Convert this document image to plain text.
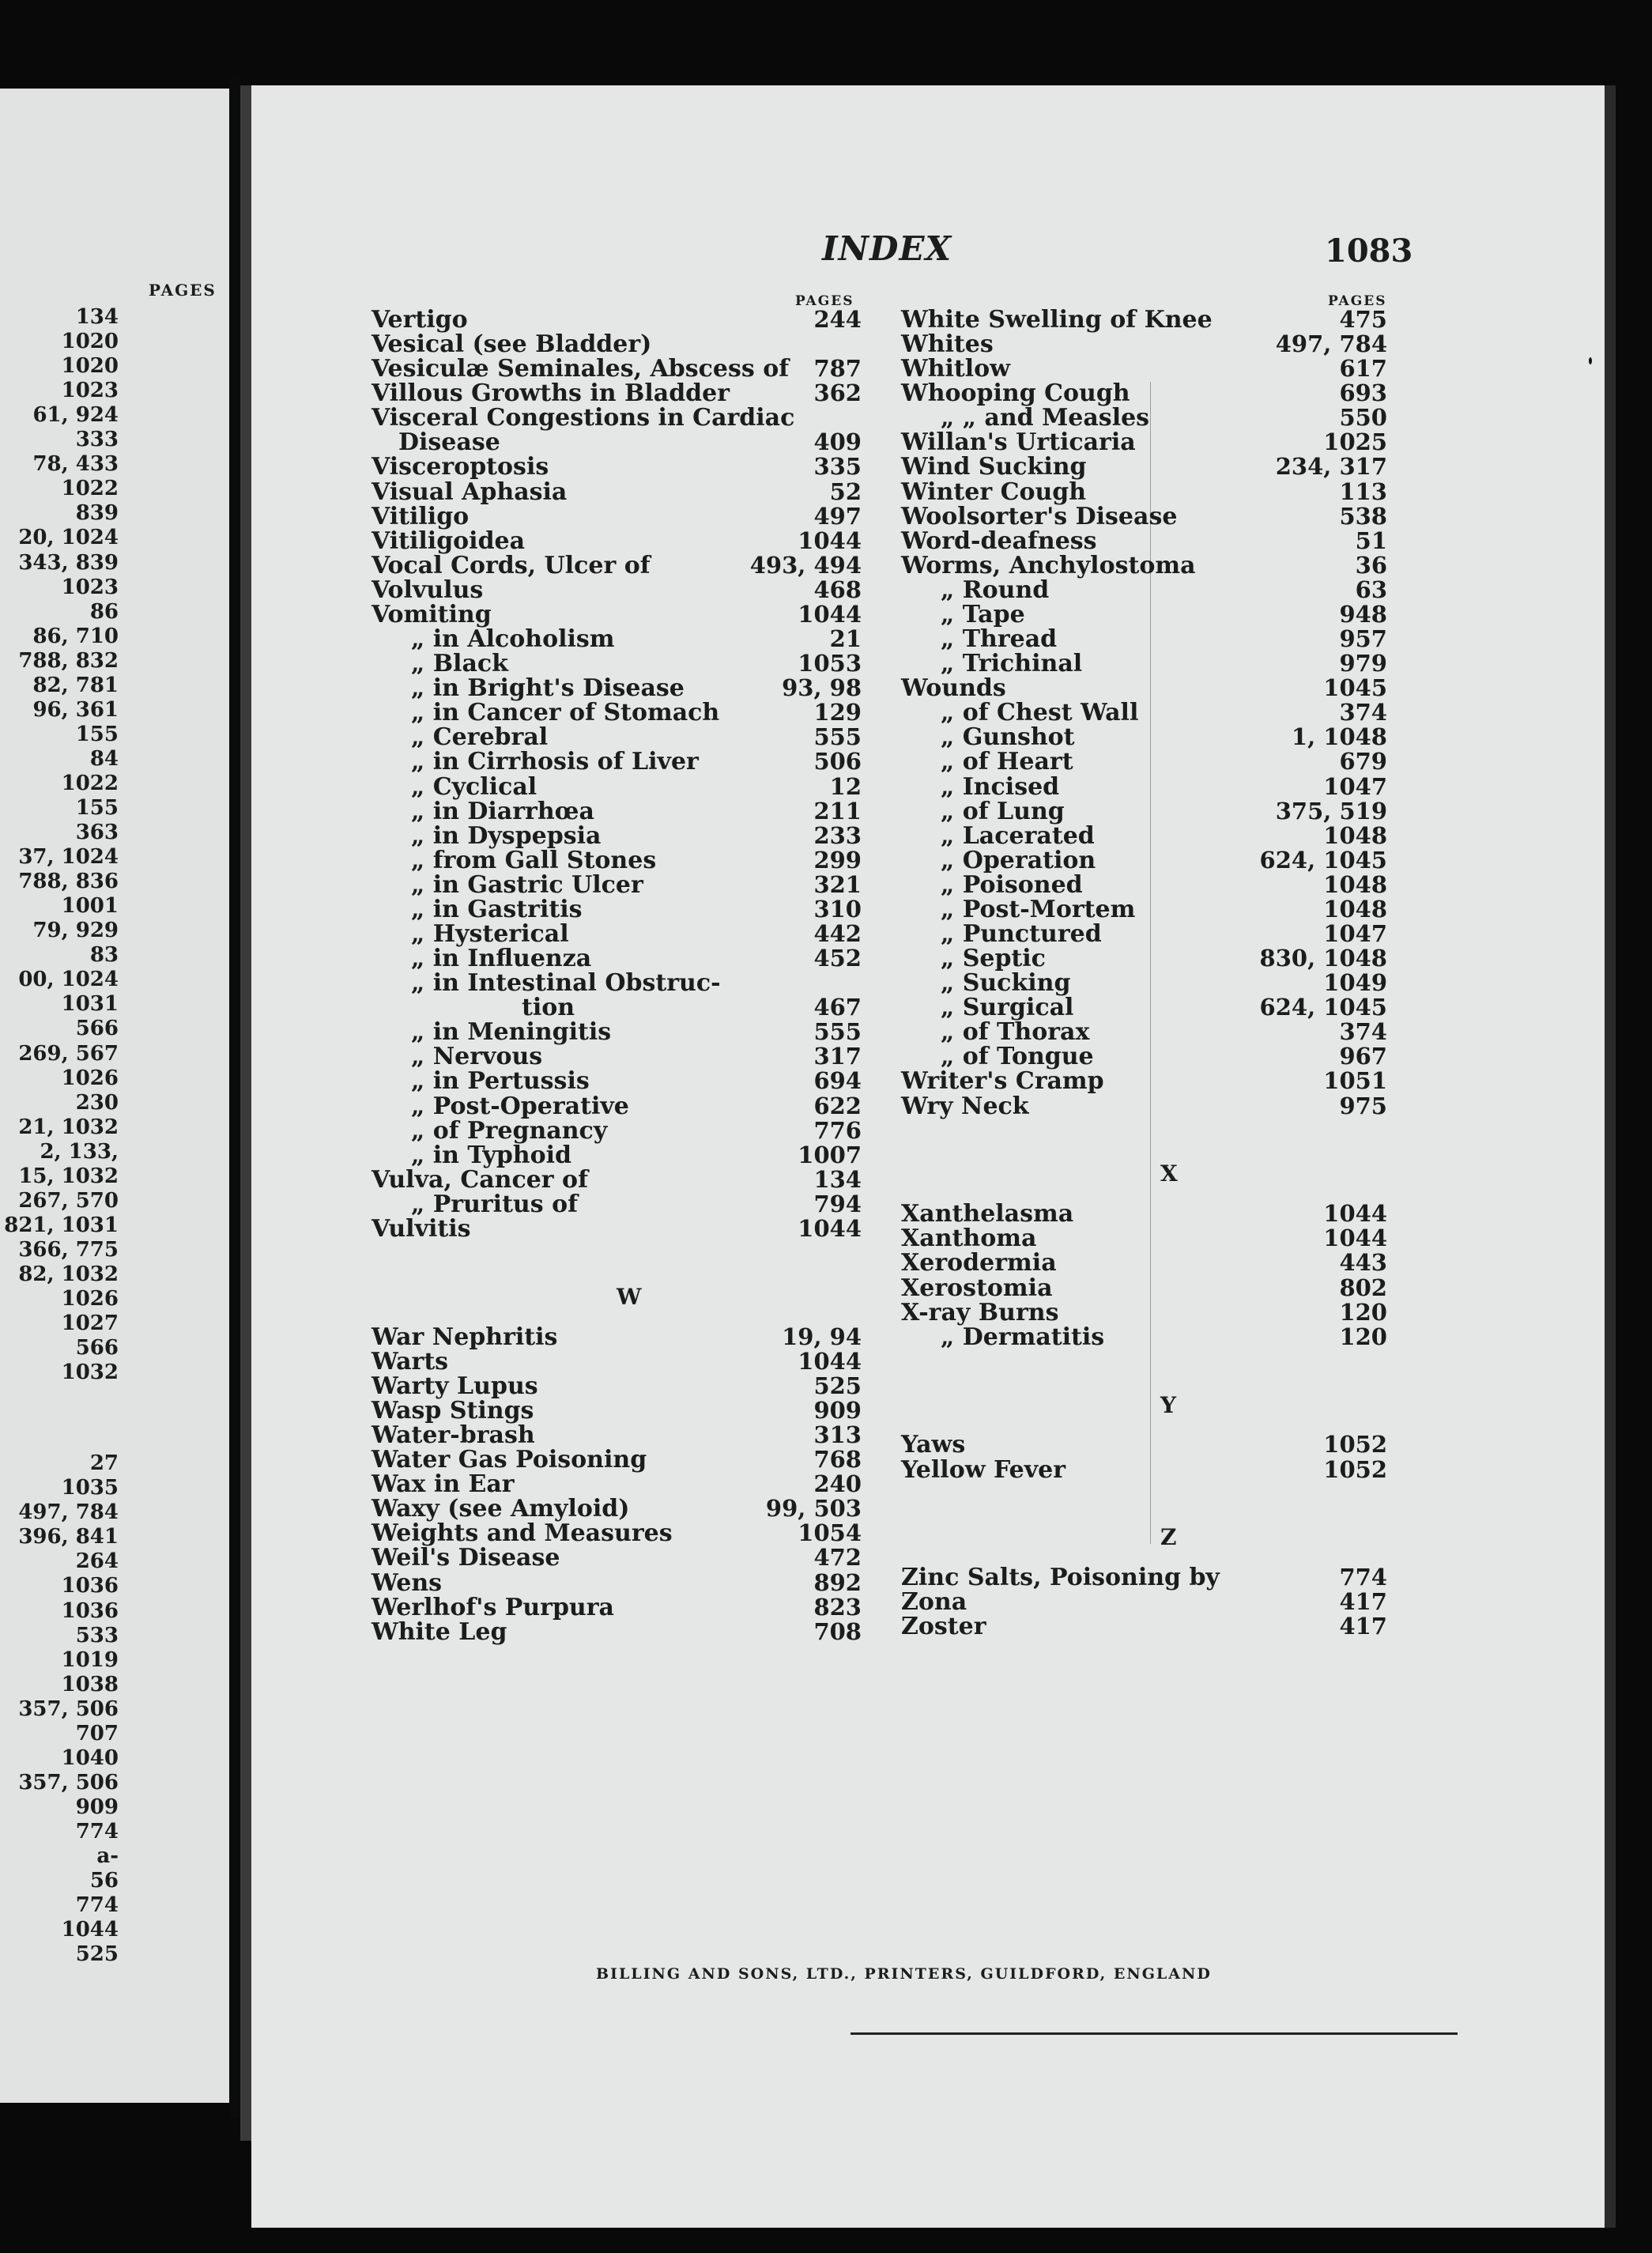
PAGES
134
1020
1020
1023
61, 924
333
78, 433
1022
839
20, 1024
343, 839
1023
86
86, 710
788, 832
82, 781
96, 361
155
84
1022
155
363
37, 1024
788, 836
1001
79, 929
83
00, 1024
1031
566
269, 567
1026
230
21, 1032
2, 133,
15, 1032
267, 570
821, 1031
366, 775
82, 1032
1026
1027
566
1032
27
1035
497, 784
396, 841
264
1036
1036
533
1019
1038
357, 506
707
1040
357, 506
909
774
a-
56
774
1044
525
INDEX	1083
PAGES	PAGES
Vertigo	244
Vesical (see Bladder)
Vesiculæ Seminales, Abscess of 787
Villous Growths in Bladder	362
Visceral Congestions in Cardiac
Disease	409
Visceroptosis	335
Visual Aphasia	52
Vitiligo	497
Vitiligoidea	1044
Vocal Cords, Ulcer of	493, 494
Volvulus	468
Vomiting	1044
„ in Alcoholism	21
„ Black	1053
„ in Bright's Disease	93, 98
„ in Cancer of Stomach	129
„ Cerebral	555
„ in Cirrhosis of Liver	506
„ Cyclical	12
„ in Diarrhœa	211
„ in Dyspepsia	233
„ from Gall Stones	299
„ in Gastric Ulcer	321
„ in Gastritis	310
„ Hysterical	442
„ in Influenza	452
„ in Intestinal Obstruc-
tion	467
„ in Meningitis	555
„ Nervous	317
„ in Pertussis	694
„ Post-Operative	622
„ of Pregnancy	776
„ in Typhoid	1007
Vulva, Cancer of	134
„ Pruritus of	794
Vulvitis	1044
W
War Nephritis	19, 94
Warts	1044
Warty Lupus	525
Wasp Stings	909
Water-brash	313
Water Gas Poisoning	768
Wax in Ear	240
Waxy (see Amyloid)	99, 503
Weights and Measures	1054
Weil's Disease	472
Wens	892
Werlhof's Purpura	823
White Leg	708
White Swelling of Knee	475
Whites	497, 784
Whitlow	617
Whooping Cough	693
„ „ and Measles	550
Willan's Urticaria	1025
Wind Sucking	234, 317
Winter Cough	113
Woolsorter's Disease	538
Word-deafness	51
Worms, Anchylostoma	36
„ Round	63
„ Tape	948
„ Thread	957
„ Trichinal	979
Wounds	1045
„ of Chest Wall	374
„ Gunshot	1, 1048
„ of Heart	679
„ Incised	1047
„ of Lung	375, 519
„ Lacerated	1048
„ Operation	624, 1045
„ Poisoned	1048
„ Post-Mortem	1048
„ Punctured	1047
„ Septic	830, 1048
„ Sucking	1049
„ Surgical	624, 1045
„ of Thorax	374
„ of Tongue	967
Writer's Cramp	1051
Wry Neck	975
X
Xanthelasma	1044
Xanthoma	1044
Xerodermia	443
Xerostomia	802
X-ray Burns	120
„ Dermatitis	120
Y
Yaws	1052
Yellow Fever	1052
Z
Zinc Salts, Poisoning by	774
Zona	417
Zoster	417
BILLING AND SONS, LTD., PRINTERS, GUILDFORD, ENGLAND
